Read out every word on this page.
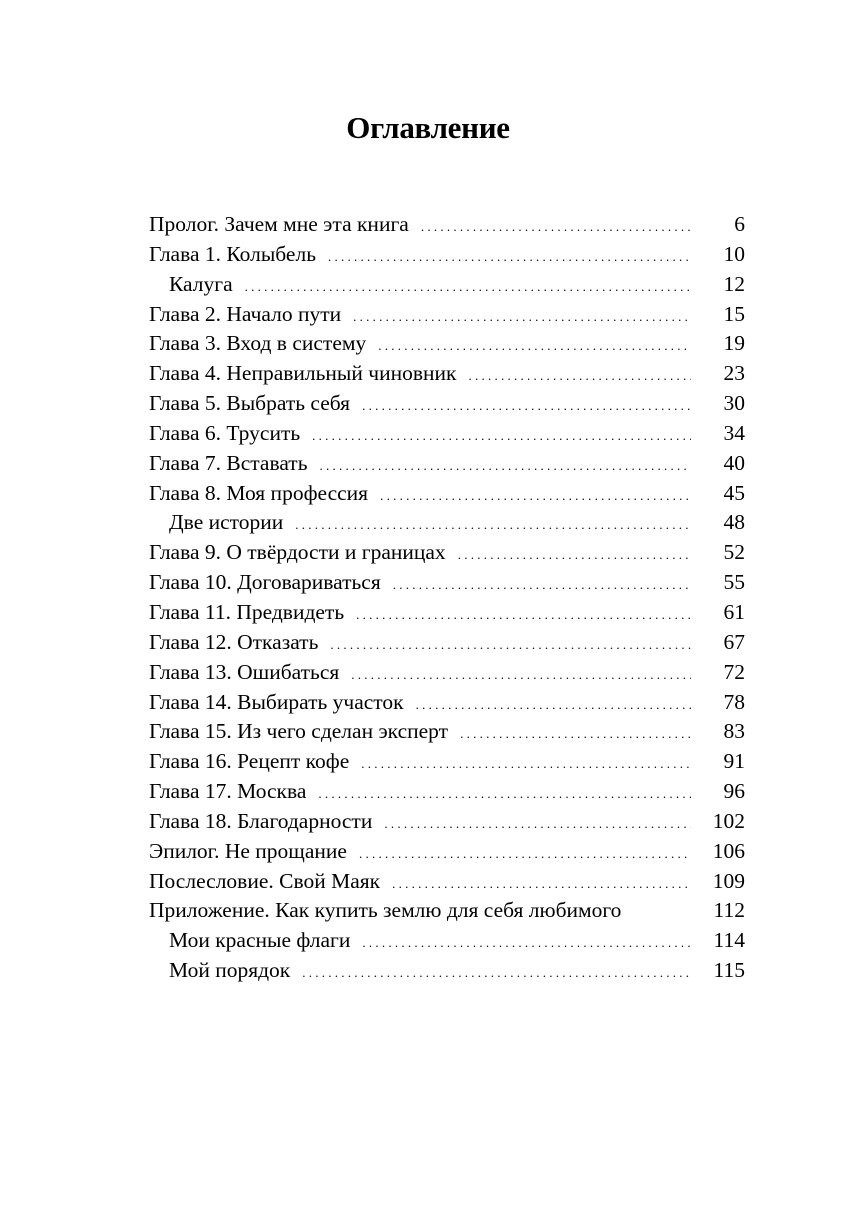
Оглавление
Пролог. Зачем мне эта книга . . .	6
Глава 1. Колыбель . . .	10
Калуга . . .	12
Глава 2. Начало пути . . .	15
Глава 3. Вход в систему . . .	19
Глава 4. Неправильный чиновник . . .	23
Глава 5. Выбрать себя . . .	30
Глава 6. Трусить . . .	34
Глава 7. Вставать . . .	40
Глава 8. Моя профессия . . .	45
Две истории . . .	48
Глава 9. О твёрдости и границах . . .	52
Глава 10. Договариваться . . .	55
Глава 11. Предвидеть . . .	61
Глава 12. Отказать . . .	67
Глава 13. Ошибаться . . .	72
Глава 14. Выбирать участок . . .	78
Глава 15. Из чего сделан эксперт . . .	83
Глава 16. Рецепт кофе . . .	91
Глава 17. Москва . . .	96
Глава 18. Благодарности . . .	102
Эпилог. Не прощание . . .	106
Послесловие. Свой Маяк . . .	109
Приложение. Как купить землю для себя любимого	112
Мои красные флаги . . .	114
Мой порядок . . .	115
